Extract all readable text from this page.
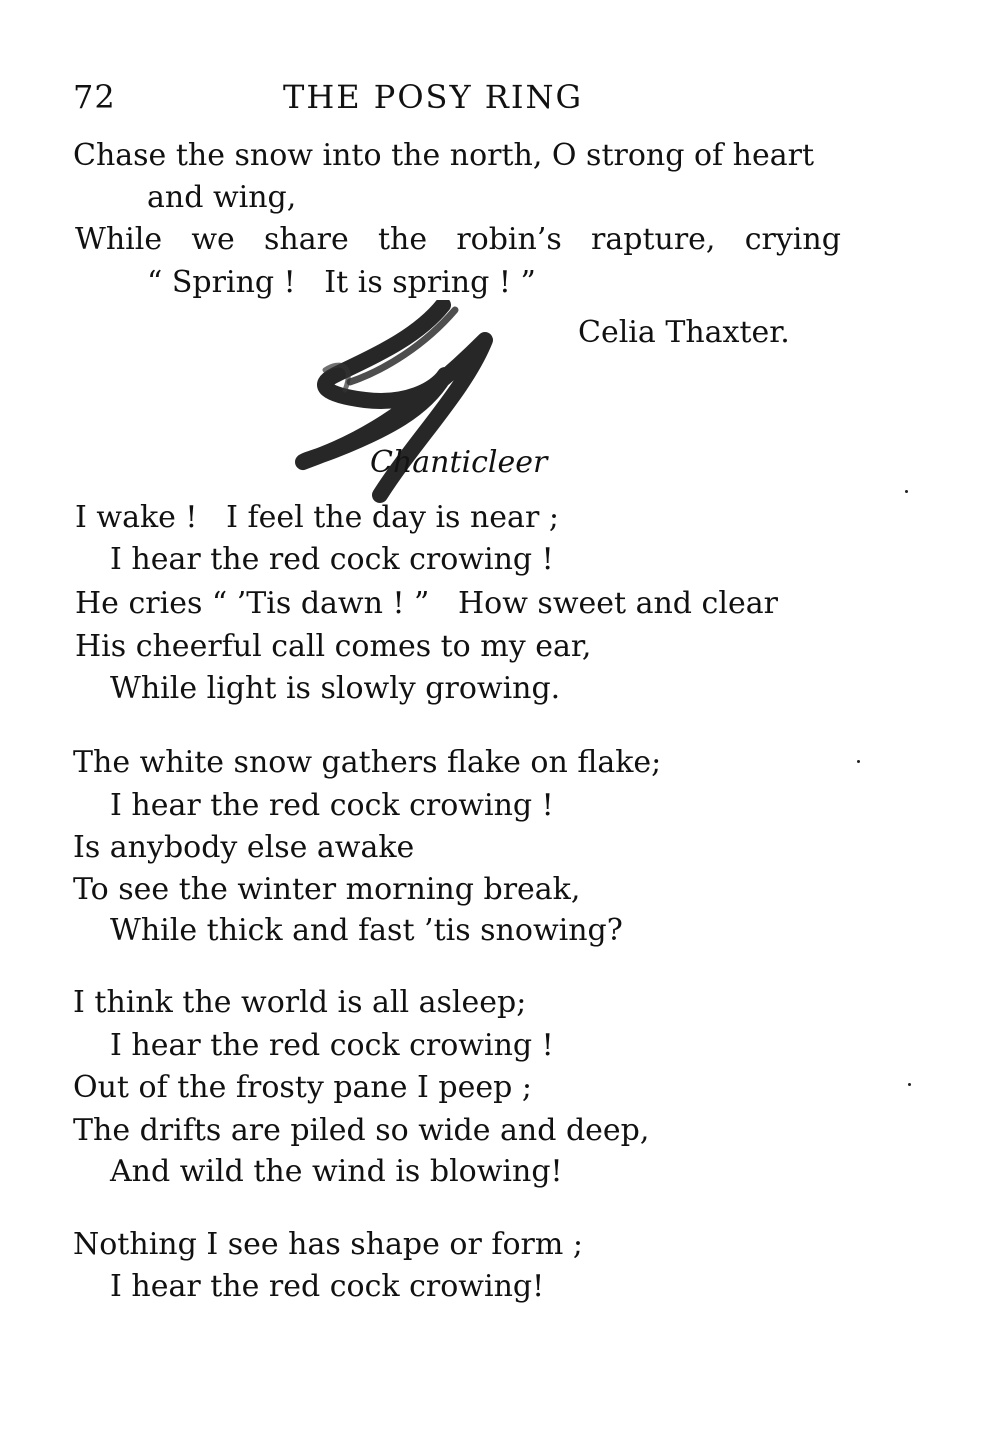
72	THE POSY RING
Chase the snow into the north, O strong of heart
and wing,
While we share the robin’s rapture, crying
“ Spring !   It is spring ! ”
Celia Thaxter.
Chanticleer
I wake !   I feel the day is near ;
I hear the red cock crowing !
He cries “ ’Tis dawn ! ”   How sweet and clear
His cheerful call comes to my ear,
While light is slowly growing.
The white snow gathers flake on flake;
I hear the red cock crowing !
Is anybody else awake
To see the winter morning break,
While thick and fast ’tis snowing?
I think the world is all asleep;
I hear the red cock crowing !
Out of the frosty pane I peep ;
The drifts are piled so wide and deep,
And wild the wind is blowing!
Nothing I see has shape or form ;
I hear the red cock crowing!
